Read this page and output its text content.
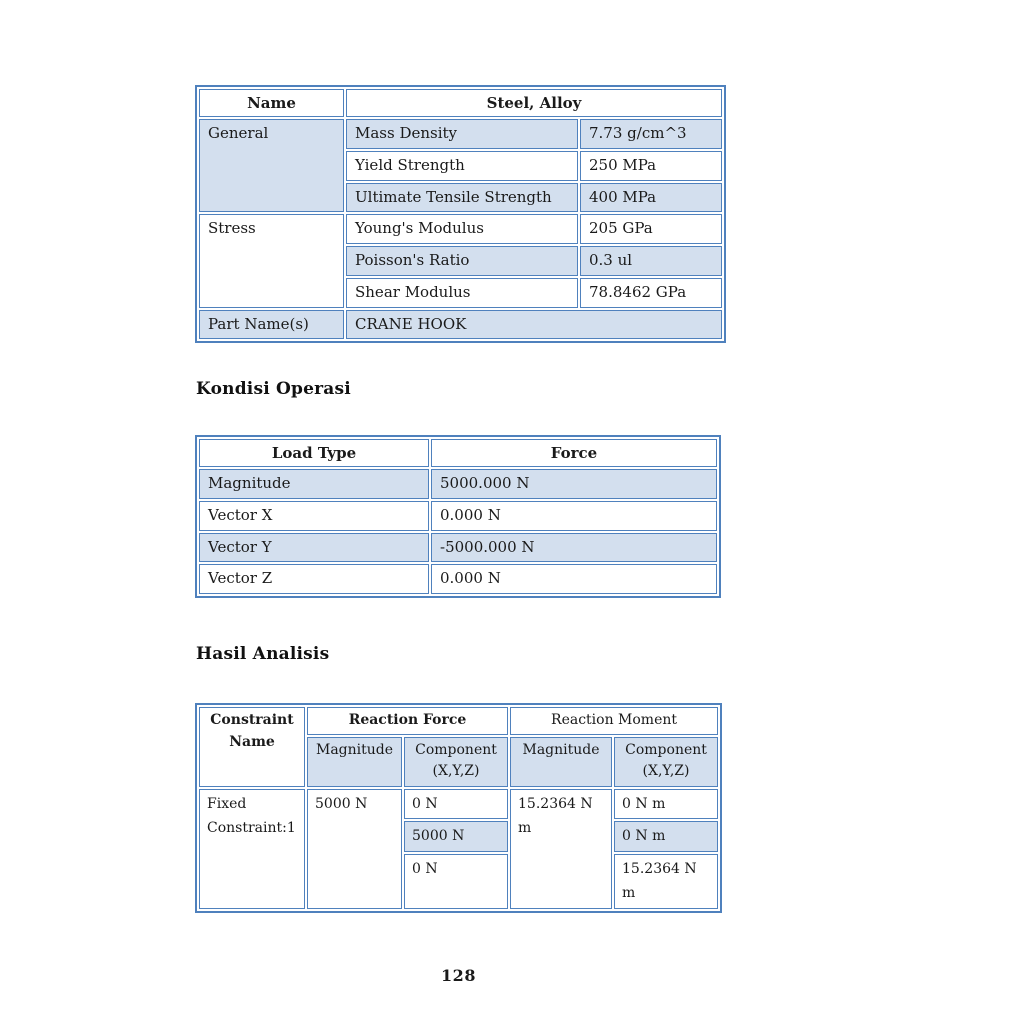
Name	Steel, Alloy	
General	Mass Density	7.73 g/cm^3
	Yield Strength	250 MPa
	Ultimate Tensile Strength	400 MPa
Stress	Young's Modulus	205 GPa
	Poisson's Ratio	0.3 ul
	Shear Modulus	78.8462 GPa
Part Name(s)	CRANE HOOK	
Kondisi Operasi
Load Type	Force
Magnitude	5000.000 N
Vector X	0.000 N
Vector Y	-5000.000 N
Vector Z	0.000 N
Hasil Analisis
Constraint Name	Reaction Force		Reaction Moment	
	Magnitude	Component (X,Y,Z)	Magnitude	Component (X,Y,Z)
Fixed Constraint:1	5000 N	0 N	15.2364 N m	0 N m
		5000 N		0 N m
		0 N		15.2364 N m
128
